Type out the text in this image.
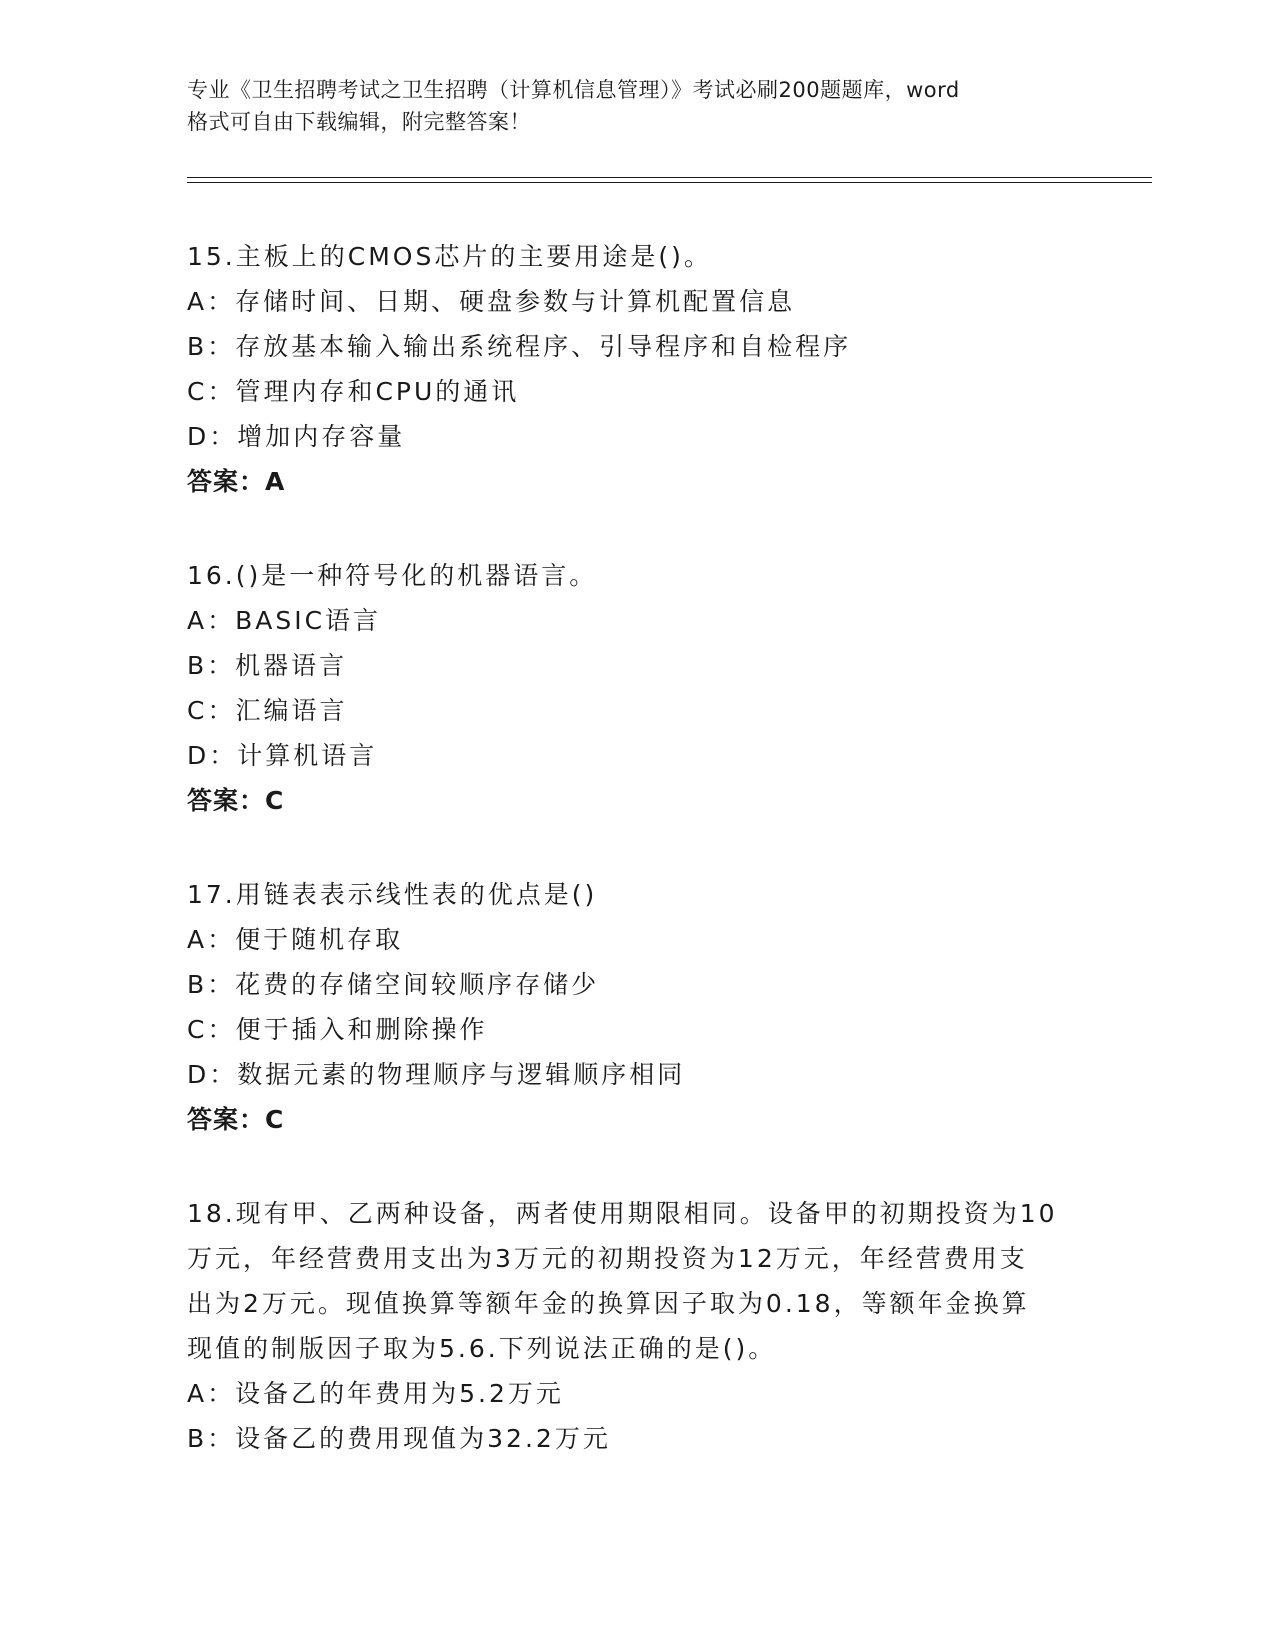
专业《卫生招聘考试之卫生招聘（计算机信息管理）》考试必刷200题题库，word
格式可自由下载编辑，附完整答案！

15.主板上的CMOS芯片的主要用途是()。

A：存储时间、日期、硬盘参数与计算机配置信息

B：存放基本输入输出系统程序、引导程序和自检程序

C：管理内存和CPU的通讯

D：增加内存容量

答案：A

16.()是一种符号化的机器语言。

A：BASIC语言

B：机器语言

C：汇编语言

D：计算机语言

答案：C

17.用链表表示线性表的优点是()

A：便于随机存取

B：花费的存储空间较顺序存储少

C：便于插入和删除操作

D：数据元素的物理顺序与逻辑顺序相同

答案：C

18.现有甲、乙两种设备，两者使用期限相同。设备甲的初期投资为10

万元，年经营费用支出为3万元的初期投资为12万元，年经营费用支

出为2万元。现值换算等额年金的换算因子取为0.18，等额年金换算

现值的制版因子取为5.6.下列说法正确的是()。

A：设备乙的年费用为5.2万元

B：设备乙的费用现值为32.2万元
